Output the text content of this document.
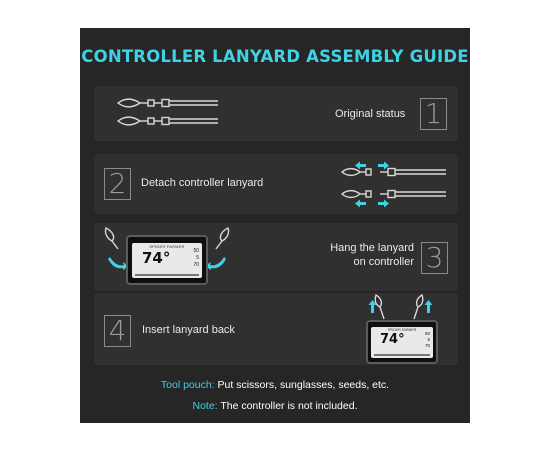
CONTROLLER LANYARD ASSEMBLY GUIDE
Original status 1
2	Detach controller lanyard
SPIDER FARMER
74°	50
5
70
Hang the lanyard
on controller 3
4	Insert lanyard back	SPIDER FARMER
74°	50
5
70
Tool pouch: Put scissors, sunglasses, seeds, etc.
Note: The controller is not included.
